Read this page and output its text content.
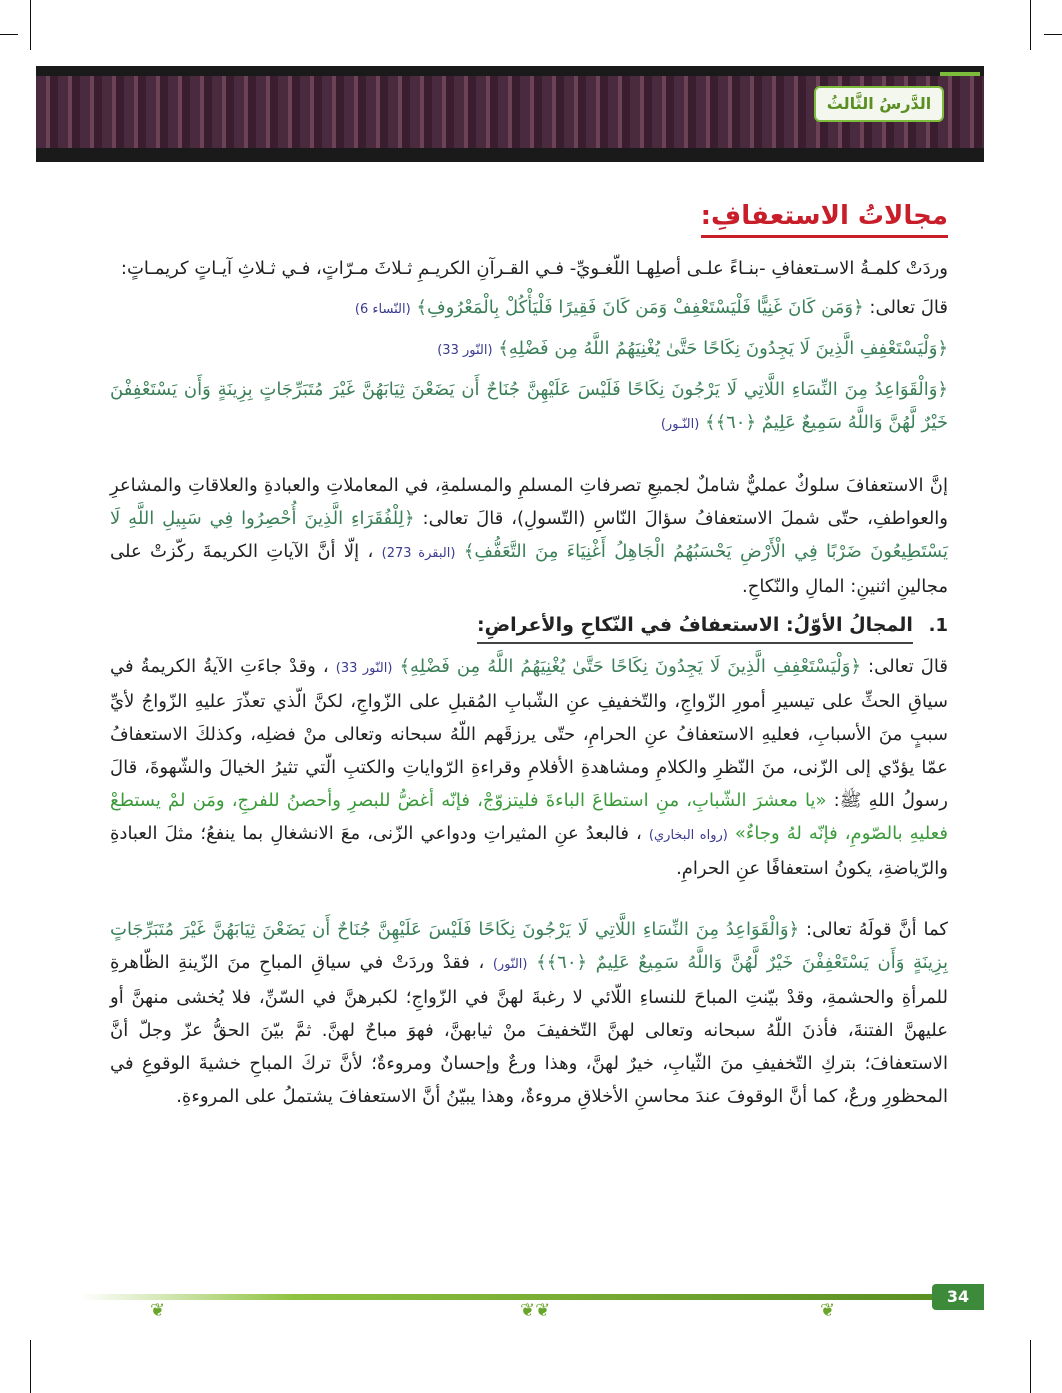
الدَّرسُ الثَّالثُ
مجالاتُ الاستعفافِ:

وردَتْ كلمـةُ الاسـتعفافِ -بنـاءً علـى أصلِهـا اللّغـويِّ- فـي القـرآنِ الكريـمِ ثـلاثَ مـرّاتٍ، فـي ثـلاثِ آيـاتٍ كريمـاتٍ:

قالَ تعالى: ﴿وَمَن كَانَ غَنِيًّا فَلْيَسْتَعْفِفْ وَمَن كَانَ فَقِيرًا فَلْيَأْكُلْ بِالْمَعْرُوفِ﴾ (النّساء 6)

﴿وَلْيَسْتَعْفِفِ الَّذِينَ لَا يَجِدُونَ نِكَاحًا حَتَّىٰ يُغْنِيَهُمُ اللَّهُ مِن فَضْلِهِ﴾ (النّور 33)

﴿وَالْقَوَاعِدُ مِنَ النِّسَاءِ اللَّاتِي لَا يَرْجُونَ نِكَاحًا فَلَيْسَ عَلَيْهِنَّ جُنَاحٌ أَن يَضَعْنَ ثِيَابَهُنَّ غَيْرَ مُتَبَرِّجَاتٍ بِزِينَةٍ وَأَن يَسْتَعْفِفْنَ خَيْرٌ لَّهُنَّ وَاللَّهُ سَمِيعٌ عَلِيمٌ ﴿٦٠﴾﴾ (النّـور)

إنَّ الاستعفافَ سلوكٌ عمليٌّ شاملٌ لجميعِ تصرفاتِ المسلمِ والمسلمةِ، في المعاملاتِ والعبادةِ والعلاقاتِ والمشاعرِ والعواطفِ، حتّى شملَ الاستعفافُ سؤالَ النّاسِ (التّسولِ)، قالَ تعالى: ﴿لِلْفُقَرَاءِ الَّذِينَ أُحْصِرُوا فِي سَبِيلِ اللَّهِ لَا يَسْتَطِيعُونَ ضَرْبًا فِي الْأَرْضِ يَحْسَبُهُمُ الْجَاهِلُ أَغْنِيَاءَ مِنَ التَّعَفُّفِ﴾ (البقرة 273) ، إلّا أنَّ الآياتِ الكريمةَ ركّزتْ على مجالينِ اثنينِ: المالِ والنّكاحِ.

1. المجالُ الأوّلُ: الاستعفافُ في النّكاحِ والأعراضِ:

قالَ تعالى: ﴿وَلْيَسْتَعْفِفِ الَّذِينَ لَا يَجِدُونَ نِكَاحًا حَتَّىٰ يُغْنِيَهُمُ اللَّهُ مِن فَضْلِهِ﴾ (النّور 33) ، وقدْ جاءَتِ الآيةُ الكريمةُ في سياقِ الحثِّ على تيسيرِ أمورِ الزّواجِ، والتّخفيفِ عنِ الشّبابِ المُقبلِ على الزّواجِ، لكنَّ الّذي تعذّرَ عليهِ الزّواجُ لأيِّ سببٍ منَ الأسبابِ، فعليهِ الاستعفافُ عنِ الحرامِ، حتّى يرزقَهم اللّهُ سبحانه وتعالى منْ فضلِه، وكذلكَ الاستعفافُ عمّا يؤدّي إلى الزّنى، منَ النّظرِ والكلامِ ومشاهدةِ الأفلامِ وقراءةِ الرّواياتِ والكتبِ الّتي تثيرُ الخيالَ والشّهوةَ، قالَ رسولُ اللهِ ﷺ: «يا معشرَ الشّبابِ، منِ استطاعَ الباءةَ فليتزوّجْ، فإنّه أغضُّ للبصرِ وأحصنُ للفرجِ، ومَن لمْ يستطعْ فعليهِ بالصّومِ، فإنّه لهُ وجاءٌ» (رواه البخاري) ، فالبعدُ عنِ المثيراتِ ودواعي الزّنى، معَ الانشغالِ بما ينفعُ؛ مثلَ العبادةِ والرّياضةِ، يكونُ استعفافًا عنِ الحرامِ.

كما أنَّ قولَهُ تعالى: ﴿وَالْقَوَاعِدُ مِنَ النِّسَاءِ اللَّاتِي لَا يَرْجُونَ نِكَاحًا فَلَيْسَ عَلَيْهِنَّ جُنَاحٌ أَن يَضَعْنَ ثِيَابَهُنَّ غَيْرَ مُتَبَرِّجَاتٍ بِزِينَةٍ وَأَن يَسْتَعْفِفْنَ خَيْرٌ لَّهُنَّ وَاللَّهُ سَمِيعٌ عَلِيمٌ ﴿٦٠﴾﴾ (النّور) ، فقدْ وردَتْ في سياقِ المباحِ منَ الزّينةِ الظّاهرةِ للمرأةِ والحشمةِ، وقدْ بيّنتِ المباحَ للنساءِ اللّائي لا رغبةَ لهنَّ في الزّواجِ؛ لكبرهنَّ في السّنِّ، فلا يُخشى منهنَّ أو عليهنَّ الفتنةَ، فأذنَ اللّهُ سبحانه وتعالى لهنَّ التّخفيفَ منْ ثيابهنَّ، فهوَ مباحٌ لهنَّ. ثمَّ بيّنَ الحقُّ عزّ وجلّ أنَّ الاستعفافَ؛ بتركِ التّخفيفِ منَ الثّيابِ، خيرٌ لهنَّ، وهذا ورعٌ وإحسانٌ ومروءةٌ؛ لأنَّ تركَ المباحِ خشيةَ الوقوعِ في المحظورِ ورعٌ، كما أنَّ الوقوفَ عندَ محاسنِ الأخلاقِ مروءةٌ، وهذا يبيّنُ أنَّ الاستعفافَ يشتملُ على المروءةِ.

❦	❦❦	❦
34
